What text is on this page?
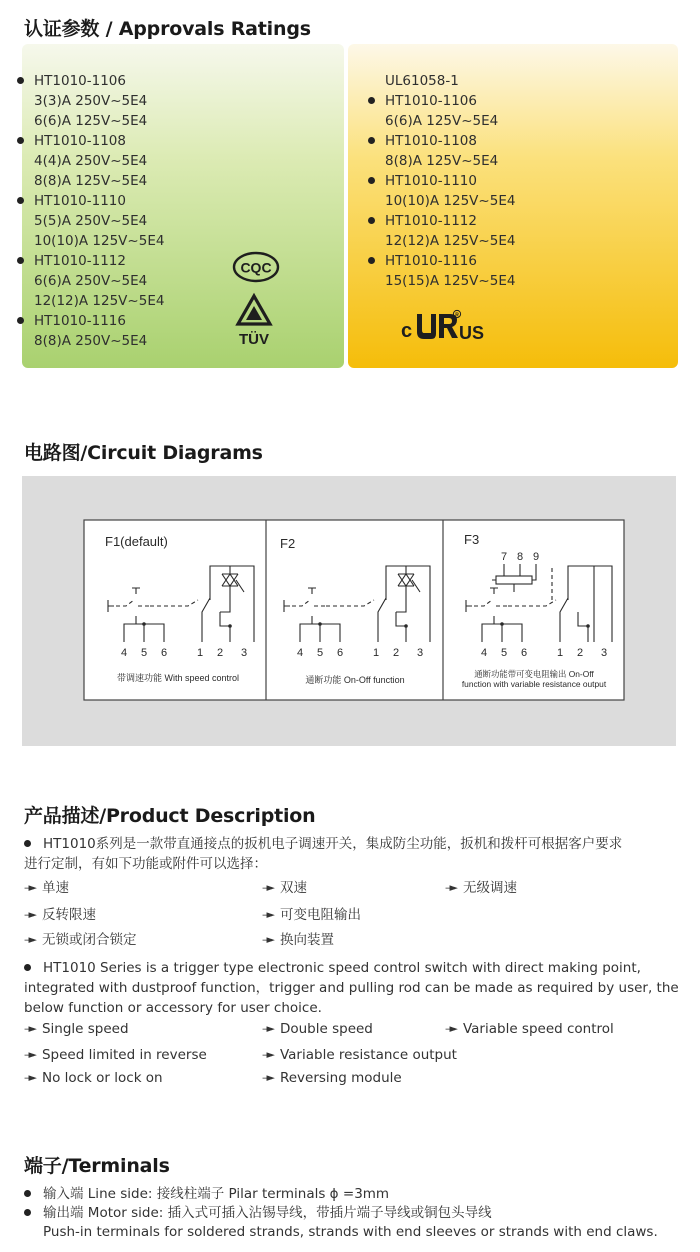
认证参数 / Approvals Ratings
CQC
TÜV	c
R
US
HT1010-1106
3(3)A 250V~5E4
6(6)A 125V~5E4
HT1010-1108
4(4)A 250V~5E4
8(8)A 125V~5E4
HT1010-1110
5(5)A 250V~5E4
10(10)A 125V~5E4
HT1010-1112
6(6)A 250V~5E4
12(12)A 125V~5E4
HT1010-1116
8(8)A 250V~5E4
UL61058-1
HT1010-1106
6(6)A 125V~5E4
HT1010-1108
8(8)A 125V~5E4
HT1010-1110
10(10)A 125V~5E4
HT1010-1112
12(12)A 125V~5E4
HT1010-1116
15(15)A 125V~5E4
电路图/Circuit Diagrams
F1(default)	F2	F3
4 5 6	1 2 3	4 5 6	1 2 3	4 5 6	1 2 3
7 8 9
带调速功能 With speed control	通断功能 On-Off function
通断功能带可变电阻输出 On-Off
function with variable resistance output
产品描述/Product Description
HT1010系列是一款带直通接点的扳机电子调速开关，集成防尘功能，扳机和拨杆可根据客户要求
进行定制，有如下功能或附件可以选择：
–► 单速	–► 双速	–► 无级调速
–► 反转限速	–► 可变电阻输出
–► 无锁或闭合锁定	–► 换向装置
HT1010 Series is a trigger type electronic speed control switch with direct making point,
integrated with dustproof function，trigger and pulling rod can be made as required by user, the
below function or accessory for user choice.
–► Single speed	–► Double speed	–► Variable speed control
–► Speed limited in reverse	–► Variable resistance output
–► No lock or lock on	–► Reversing module
端子/Terminals
输入端 Line side: 接线柱端子 Pilar terminals ϕ =3mm
输出端 Motor side: 插入式可插入沾锡导线，带插片端子导线或铜包头导线
Push-in terminals for soldered strands, strands with end sleeves or strands with end claws.
